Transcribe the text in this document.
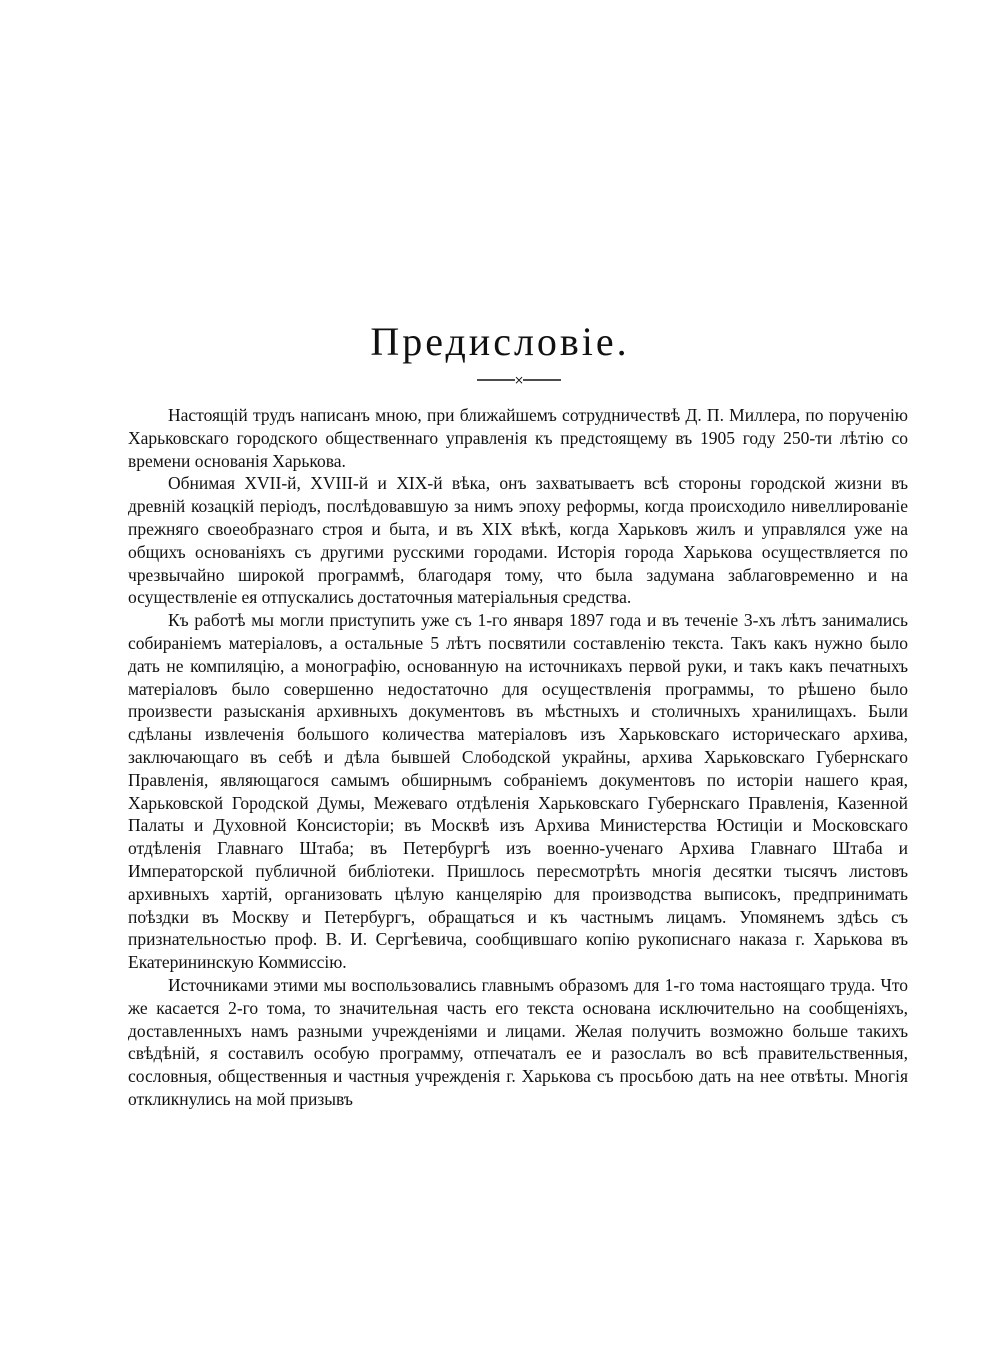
Предисловіе.
×

Настоящій трудъ написанъ мною, при ближайшемъ сотрудничествѣ Д. П. Миллера, по порученію Харьковскаго городского общественнаго управленія къ предстоящему въ 1905 году 250-ти лѣтію со времени основанія Харькова.

Обнимая XVII-й, XVIII-й и XIX-й вѣка, онъ захватываетъ всѣ стороны городской жизни въ древній козацкій періодъ, послѣдовавшую за нимъ эпоху реформы, когда происходило нивеллированіе прежняго своеобразнаго строя и быта, и въ XIX вѣкѣ, когда Харьковъ жилъ и управлялся уже на общихъ основаніяхъ съ другими русскими городами. Исторія города Харькова осуществляется по чрезвычайно широкой программѣ, благодаря тому, что была задумана заблаговременно и на осуществленіе ея отпускались достаточныя матеріальныя средства.

Къ работѣ мы могли приступить уже съ 1-го января 1897 года и въ теченіе 3-хъ лѣтъ занимались собираніемъ матеріаловъ, а остальные 5 лѣтъ посвятили составленію текста. Такъ какъ нужно было дать не компиляцію, а монографію, основанную на источникахъ первой руки, и такъ какъ печатныхъ матеріаловъ было совершенно недостаточно для осуществленія программы, то рѣшено было произвести разысканія архивныхъ документовъ въ мѣстныхъ и столичныхъ хранилищахъ. Были сдѣланы извлеченія большого количества матеріаловъ изъ Харьковскаго историческаго архива, заключающаго въ себѣ и дѣла бывшей Слободской украйны, архива Харьковскаго Губернскаго Правленія, являющагося самымъ обширнымъ собраніемъ документовъ по исторіи нашего края, Харьковской Городской Думы, Межеваго отдѣленія Харьковскаго Губернскаго Правленія, Казенной Палаты и Духовной Консисторіи; въ Москвѣ изъ Архива Министерства Юстиціи и Московскаго отдѣленія Главнаго Штаба; въ Петербургѣ изъ военно-ученаго Архива Главнаго Штаба и Императорской публичной библіотеки. Пришлось пересмотрѣть многія десятки тысячъ листовъ архивныхъ хартій, организовать цѣлую канцелярію для производства выписокъ, предпринимать поѣздки въ Москву и Петербургъ, обращаться и къ частнымъ лицамъ. Упомянемъ здѣсь съ признательностью проф. В. И. Сергѣевича, сообщившаго копію рукописнаго наказа г. Харькова въ Екатерининскую Коммиссію.

Источниками этими мы воспользовались главнымъ образомъ для 1-го тома настоящаго труда. Что же касается 2-го тома, то значительная часть его текста основана исключительно на сообщеніяхъ, доставленныхъ намъ разными учрежденіями и лицами. Желая получить возможно больше такихъ свѣдѣній, я составилъ особую программу, отпечаталъ ее и разослалъ во всѣ правительственныя, сословныя, общественныя и частныя учрежденія г. Харькова съ просьбою дать на нее отвѣты. Многія откликнулись на мой призывъ
